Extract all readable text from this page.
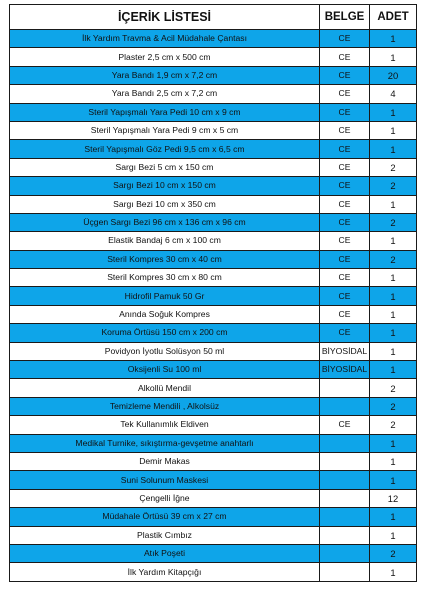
İÇERİK LİSTESİ	BELGE	ADET
İlk Yardım Travma & Acil Müdahale Çantası	CE	1
Plaster 2,5 cm x 500 cm	CE	1
Yara Bandı 1,9 cm x 7,2 cm	CE	20
Yara Bandı 2,5 cm x 7,2 cm	CE	4
Steril Yapışmalı Yara Pedi 10 cm x 9 cm	CE	1
Steril Yapışmalı Yara Pedi 9 cm x 5 cm	CE	1
Steril Yapışmalı Göz Pedi 9,5 cm x 6,5 cm	CE	1
Sargı Bezi 5 cm x 150 cm	CE	2
Sargı Bezi 10 cm x 150 cm	CE	2
Sargı Bezi 10 cm x 350 cm	CE	1
Üçgen Sargı Bezi 96 cm x 136 cm x 96 cm	CE	2
Elastik Bandaj 6 cm x 100 cm	CE	1
Steril Kompres 30 cm x 40 cm	CE	2
Steril Kompres 30 cm x 80 cm	CE	1
Hidrofil Pamuk 50 Gr	CE	1
Anında Soğuk Kompres	CE	1
Koruma Örtüsü 150 cm x 200 cm	CE	1
Povidyon İyotlu Solüsyon 50 ml	BİYOSİDAL	1
Oksijenli Su 100 ml	BİYOSİDAL	1
Alkollü Mendil		2
Temizleme Mendili , Alkolsüz		2
Tek Kullanımlık Eldiven	CE	2
Medikal Turnike, sıkıştırma-gevşetme anahtarlı		1
Demir Makas		1
Suni Solunum Maskesi		1
Çengelli İğne		12
Müdahale Örtüsü 39 cm x 27 cm		1
Plastik Cımbız		1
Atık Poşeti		2
İlk Yardım Kitapçığı		1
